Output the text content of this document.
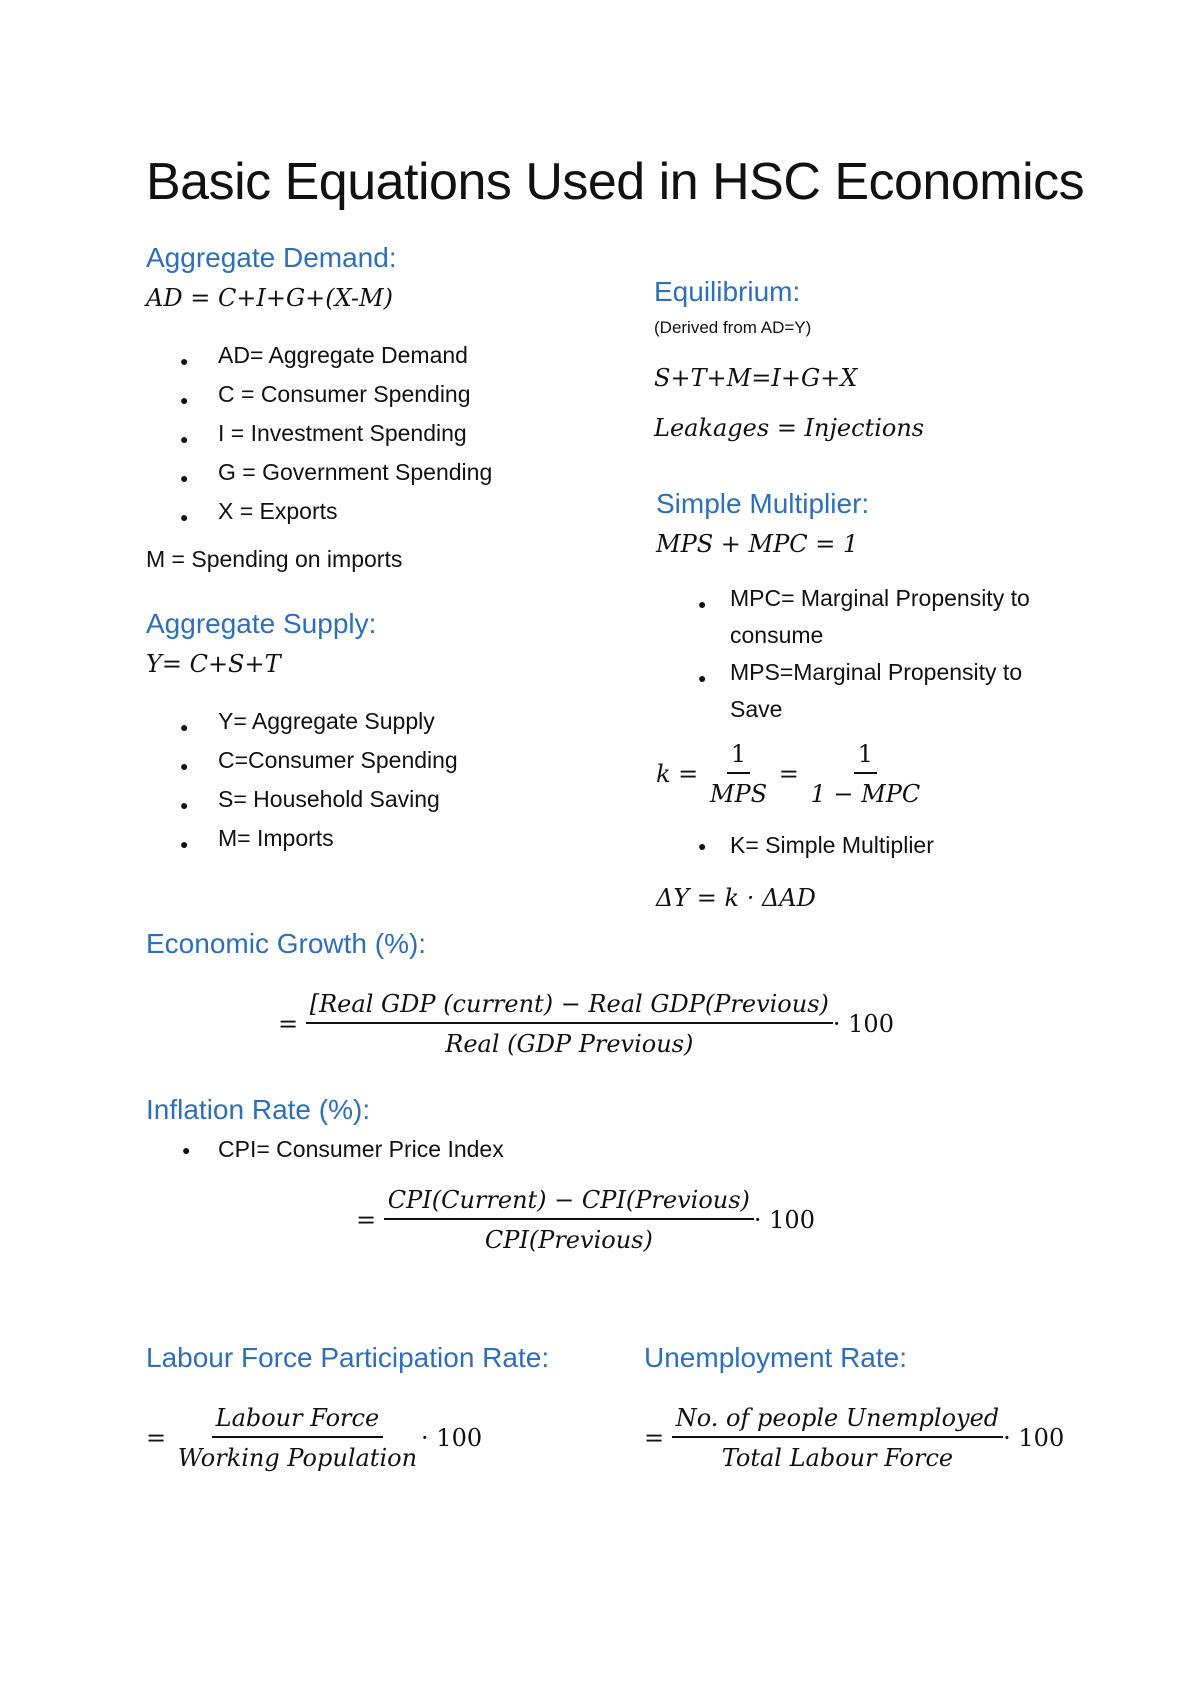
Basic Equations Used in HSC Economics
Aggregate Demand:
AD = C+I+G+(X-M)
● AD= Aggregate Demand
● C = Consumer Spending
● I = Investment Spending
● G = Government Spending
● X = Exports
M = Spending on imports
Aggregate Supply:
Y= C+S+T
● Y= Aggregate Supply
● C=Consumer Spending
● S= Household Saving
● M= Imports
Equilibrium:
(Derived from AD=Y)
S+T+M=I+G+X
Leakages = Injections
Simple Multiplier:
MPS + MPC = 1
● MPC= Marginal Propensity to
consume
● MPS=Marginal Propensity to
Save
k =
$\frac{1}{\text{MPS}}$
=
$\frac{1}{\text{1 − MPC}}$
● K= Simple Multiplier
ΔY = k · ΔAD
Economic Growth (%):
=
$\frac{\text{[Real GDP (current) − Real GDP(Previous)}}{\text{Real (GDP Previous)}} \cdot 100$
Inflation Rate (%):
● CPI= Consumer Price Index
=
$\frac{\text{CPI(Current) − CPI(Previous)}}{\text{CPI(Previous)}} \cdot 100$
Labour Force Participation Rate:
=
$\frac{\text{Labour Force}}{\text{Working Population}} \cdot 100$
Unemployment Rate:
=
$\frac{\text{No. of people Unemployed}}{\text{Total Labour Force}} \cdot 100$
